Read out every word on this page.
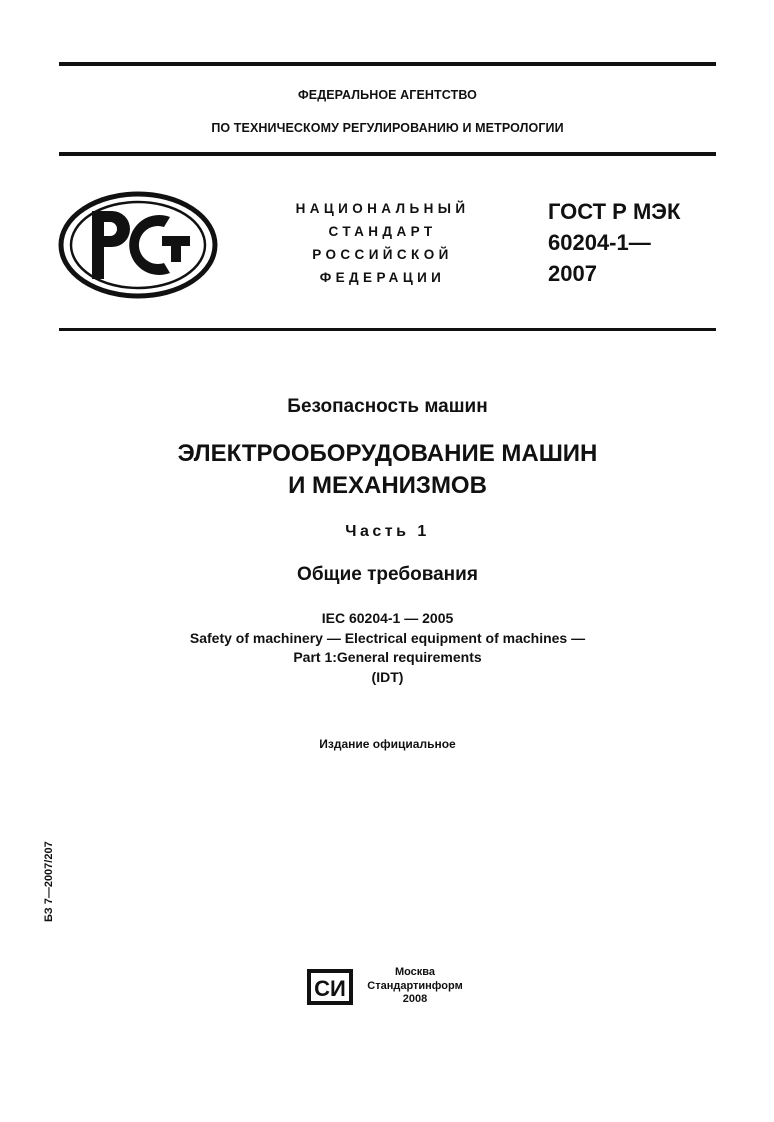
ФЕДЕРАЛЬНОЕ АГЕНТСТВО
ПО ТЕХНИЧЕСКОМУ РЕГУЛИРОВАНИЮ И МЕТРОЛОГИИ
НАЦИОНАЛЬНЫЙ
СТАНДАРТ
РОССИЙСКОЙ
ФЕДЕРАЦИИ
ГОСТ Р МЭК
60204-1—
2007
Безопасность машин
ЭЛЕКТРООБОРУДОВАНИЕ МАШИН
И МЕХАНИЗМОВ
Часть 1
Общие требования
IEC 60204-1 — 2005
Safety of machinery — Electrical equipment of machines —
Part 1:General requirements
(IDT)
Издание официальное
БЗ 7—2007/207
СИ
Москва
Стандартинформ
2008
